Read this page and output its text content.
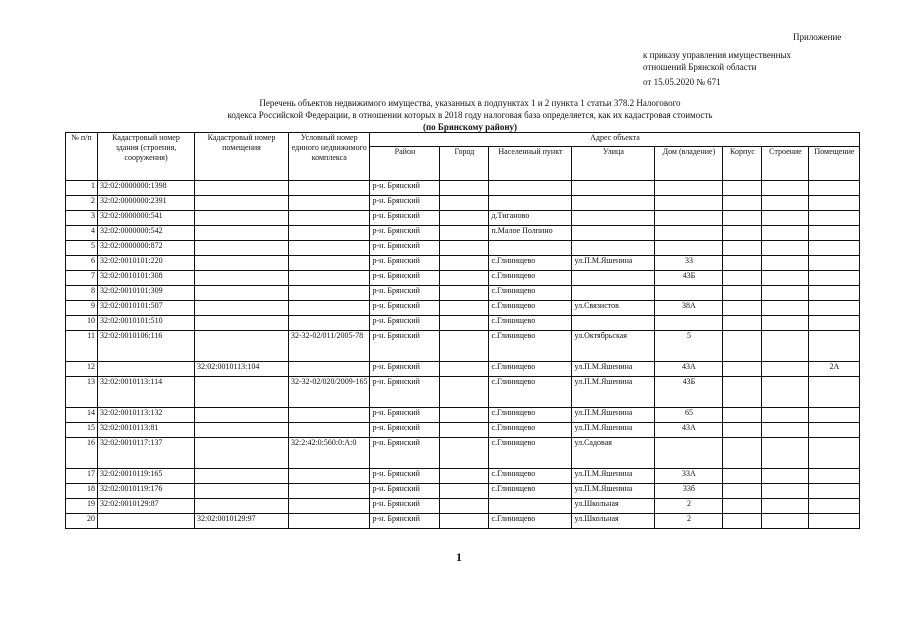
Приложение
к приказу управления имущественных
отношений Брянской области
от 15.05.2020 № 671
Перечень объектов недвижимого имущества, указанных в подпунктах 1 и 2 пункта 1 статьи 378.2 Налогового
кодекса Российской Федерации, в отношении которых в 2018 году налоговая база определяется, как их кадастровая стоимость
(по Брянскому району)
№ п/п	Кадастровый номер здания (строения, сооружения)	Кадастровый номер помещения	Условный номер единого недвижимого комплекса	Адрес объекта							
				Район	Город	Населенный пункт	Улица	Дом (владение)	Корпус	Строение	Помещение
1	32:02:0000000:1398			р-н. Брянский							
2	32:02:0000000:2391			р-н. Брянский							
3	32:02:0000000:541			р-н. Брянский		д.Тиганово					
4	32:02:0000000:542			р-н. Брянский		п.Малое Полпино					
5	32:02:0000000:872			р-н. Брянский							
6	32:02:0010101:220			р-н. Брянский		с.Глинищево	ул.П.М.Яшенина	33			
7	32:02:0010101:308			р-н. Брянский		с.Глинищево		43Б			
8	32:02:0010101:309			р-н. Брянский		с.Глинищево					
9	32:02:0010101:507			р-н. Брянский		с.Глинищево	ул.Связистов	38А			
10	32:02:0010101:510			р-н. Брянский		с.Глинищево					
11	32:02:0010106:116		32-32-02/011/2005-78	р-н. Брянский		с.Глинищево	ул.Октябрьская	5			
12		32:02:0010113:104		р-н. Брянский		с.Глинищево	ул.П.М.Яшенина	43А			2А
13	32:02:0010113:114		32-32-02/020/2009-165	р-н. Брянский		с.Глинищево	ул.П.М.Яшенина	43Б			
14	32:02:0010113:132			р-н. Брянский		с.Глинищево	ул.П.М.Яшенина	65			
15	32:02:0010113:81			р-н. Брянский		с.Глинищево	ул.П.М.Яшенина	43А			
16	32:02:0010117:137		32:2:42:0:560:0:А:0	р-н. Брянский		с.Глинищево	ул.Садовая				
17	32:02:0010119:165			р-н. Брянский		с.Глинищево	ул.П.М.Яшенина	33А			
18	32:02:0010119:176			р-н. Брянский		с.Глинищево	ул.П.М.Яшенина	33б			
19	32:02:0010129:87			р-н. Брянский			ул.Школьная	2			
20		32:02:0010129:97		р-н. Брянский		с.Глинищево	ул.Школьная	2			
1
